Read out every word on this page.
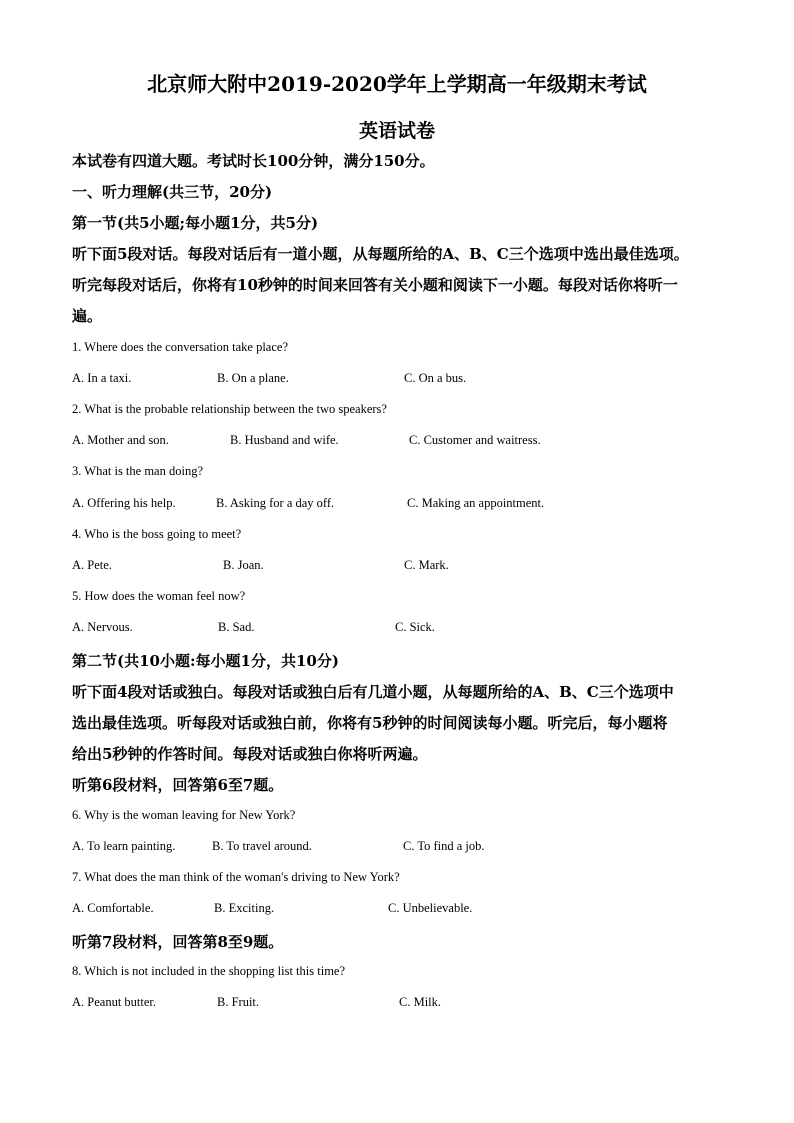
北京师大附中2019-2020学年上学期高一年级期末考试
英语试卷
本试卷有四道大题。考试时长100分钟，满分150分。
一、听力理解(共三节，20分)
第一节(共5小题;每小题1分，共5分)
听下面5段对话。每段对话后有一道小题，从每题所给的A、B、C三个选项中选出最佳选项。
听完每段对话后，你将有10秒钟的时间来回答有关小题和阅读下一小题。每段对话你将听一
遍。
1. Where does the conversation take place?
A. In a taxi.	B. On a plane.	C. On a bus.
2. What is the probable relationship between the two speakers?
A. Mother and son.	B. Husband and wife.	C. Customer and waitress.
3. What is the man doing?
A. Offering his help.	B. Asking for a day off.	C. Making an appointment.
4. Who is the boss going to meet?
A. Pete.	B. Joan.	C. Mark.
5. How does the woman feel now?
A. Nervous.	B. Sad.	C. Sick.
第二节(共10小题:每小题1分，共10分)
听下面4段对话或独白。每段对话或独白后有几道小题，从每题所给的A、B、C三个选项中
选出最佳选项。听每段对话或独白前，你将有5秒钟的时间阅读每小题。听完后，每小题将
给出5秒钟的作答时间。每段对话或独白你将听两遍。
听第6段材料，回答第6至7题。
6. Why is the woman leaving for New York?
A. To learn painting.	B. To travel around.	C. To find a job.
7. What does the man think of the woman's driving to New York?
A. Comfortable.	B. Exciting.	C. Unbelievable.
听第7段材料，回答第8至9题。
8. Which is not included in the shopping list this time?
A. Peanut butter.	B. Fruit.	C. Milk.
